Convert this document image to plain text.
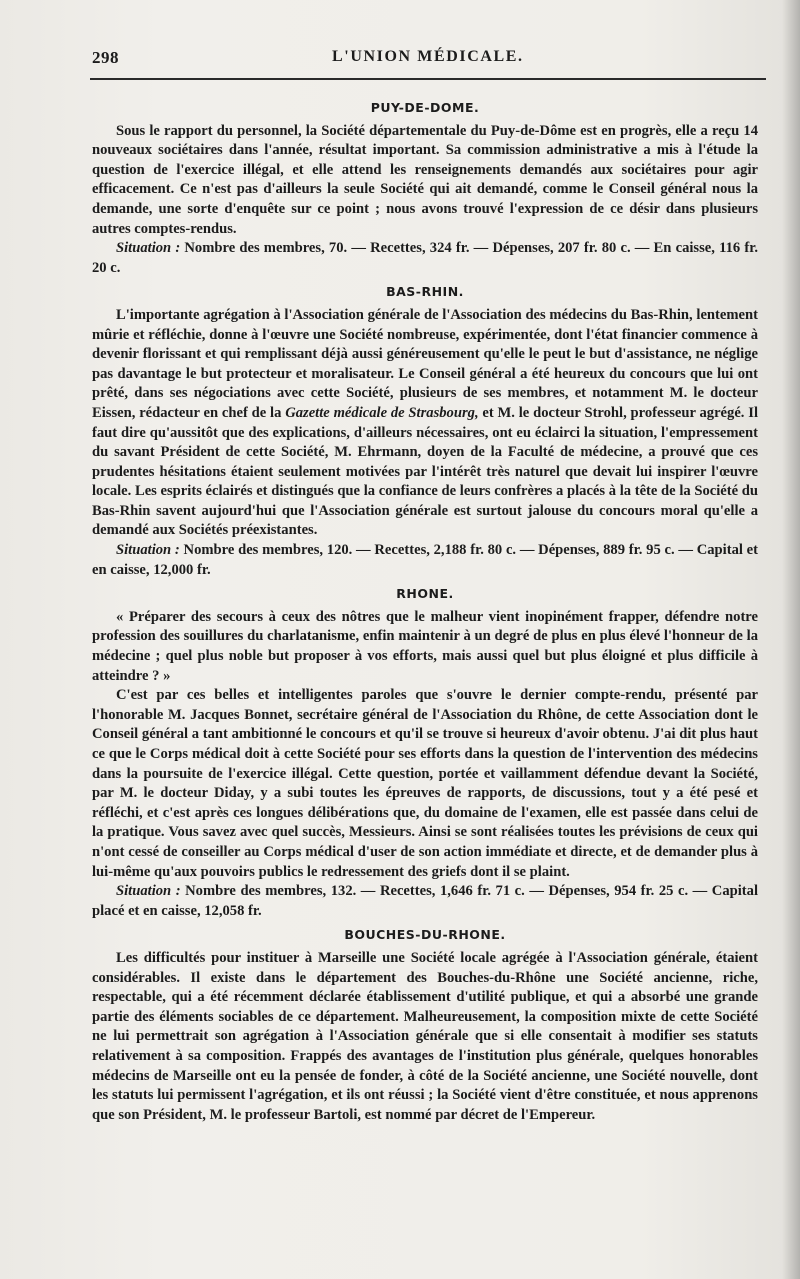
298	L'UNION MÉDICALE.
PUY-DE-DOME.

Sous le rapport du personnel, la Société départementale du Puy-de-Dôme est en progrès, elle a reçu 14 nouveaux sociétaires dans l'année, résultat important. Sa commission administrative a mis à l'étude la question de l'exercice illégal, et elle attend les renseignements demandés aux sociétaires pour agir efficacement. Ce n'est pas d'ailleurs la seule Société qui ait demandé, comme le Conseil général nous la demande, une sorte d'enquête sur ce point ; nous avons trouvé l'expression de ce désir dans plusieurs autres comptes-rendus.

Situation : Nombre des membres, 70. — Recettes, 324 fr. — Dépenses, 207 fr. 80 c. — En caisse, 116 fr. 20 c.

BAS-RHIN.

L'importante agrégation à l'Association générale de l'Association des médecins du Bas-Rhin, lentement mûrie et réfléchie, donne à l'œuvre une Société nombreuse, expérimentée, dont l'état financier commence à devenir florissant et qui remplissant déjà aussi généreusement qu'elle le peut le but d'assistance, ne néglige pas davantage le but protecteur et moralisateur. Le Conseil général a été heureux du concours que lui ont prêté, dans ses négociations avec cette Société, plusieurs de ses membres, et notamment M. le docteur Eissen, rédacteur en chef de la Gazette médicale de Strasbourg, et M. le docteur Strohl, professeur agrégé. Il faut dire qu'aussitôt que des explications, d'ailleurs nécessaires, ont eu éclairci la situation, l'empressement du savant Président de cette Société, M. Ehrmann, doyen de la Faculté de médecine, a prouvé que ces prudentes hésitations étaient seulement motivées par l'intérêt très naturel que devait lui inspirer l'œuvre locale. Les esprits éclairés et distingués que la confiance de leurs confrères a placés à la tête de la Société du Bas-Rhin savent aujourd'hui que l'Association générale est surtout jalouse du concours moral qu'elle a demandé aux Sociétés préexistantes.

Situation : Nombre des membres, 120. — Recettes, 2,188 fr. 80 c. — Dépenses, 889 fr. 95 c. — Capital et en caisse, 12,000 fr.

RHONE.

« Préparer des secours à ceux des nôtres que le malheur vient inopinément frapper, défendre notre profession des souillures du charlatanisme, enfin maintenir à un degré de plus en plus élevé l'honneur de la médecine ; quel plus noble but proposer à vos efforts, mais aussi quel but plus éloigné et plus difficile à atteindre ? »

C'est par ces belles et intelligentes paroles que s'ouvre le dernier compte-rendu, présenté par l'honorable M. Jacques Bonnet, secrétaire général de l'Association du Rhône, de cette Association dont le Conseil général a tant ambitionné le concours et qu'il se trouve si heureux d'avoir obtenu. J'ai dit plus haut ce que le Corps médical doit à cette Société pour ses efforts dans la question de l'intervention des médecins dans la poursuite de l'exercice illégal. Cette question, portée et vaillamment défendue devant la Société, par M. le docteur Diday, y a subi toutes les épreuves de rapports, de discussions, tout y a été pesé et réfléchi, et c'est après ces longues délibérations que, du domaine de l'examen, elle est passée dans celui de la pratique. Vous savez avec quel succès, Messieurs. Ainsi se sont réalisées toutes les prévisions de ceux qui n'ont cessé de conseiller au Corps médical d'user de son action immédiate et directe, et de demander plus à lui-même qu'aux pouvoirs publics le redressement des griefs dont il se plaint.

Situation : Nombre des membres, 132. — Recettes, 1,646 fr. 71 c. — Dépenses, 954 fr. 25 c. — Capital placé et en caisse, 12,058 fr.

BOUCHES-DU-RHONE.

Les difficultés pour instituer à Marseille une Société locale agrégée à l'Association générale, étaient considérables. Il existe dans le département des Bouches-du-Rhône une Société ancienne, riche, respectable, qui a été récemment déclarée établissement d'utilité publique, et qui a absorbé une grande partie des éléments sociables de ce département. Malheureusement, la composition mixte de cette Société ne lui permettrait son agrégation à l'Association générale que si elle consentait à modifier ses statuts relativement à sa composition. Frappés des avantages de l'institution plus générale, quelques honorables médecins de Marseille ont eu la pensée de fonder, à côté de la Société ancienne, une Société nouvelle, dont les statuts lui permissent l'agrégation, et ils ont réussi ; la Société vient d'être constituée, et nous apprenons que son Président, M. le professeur Bartoli, est nommé par décret de l'Empereur.
